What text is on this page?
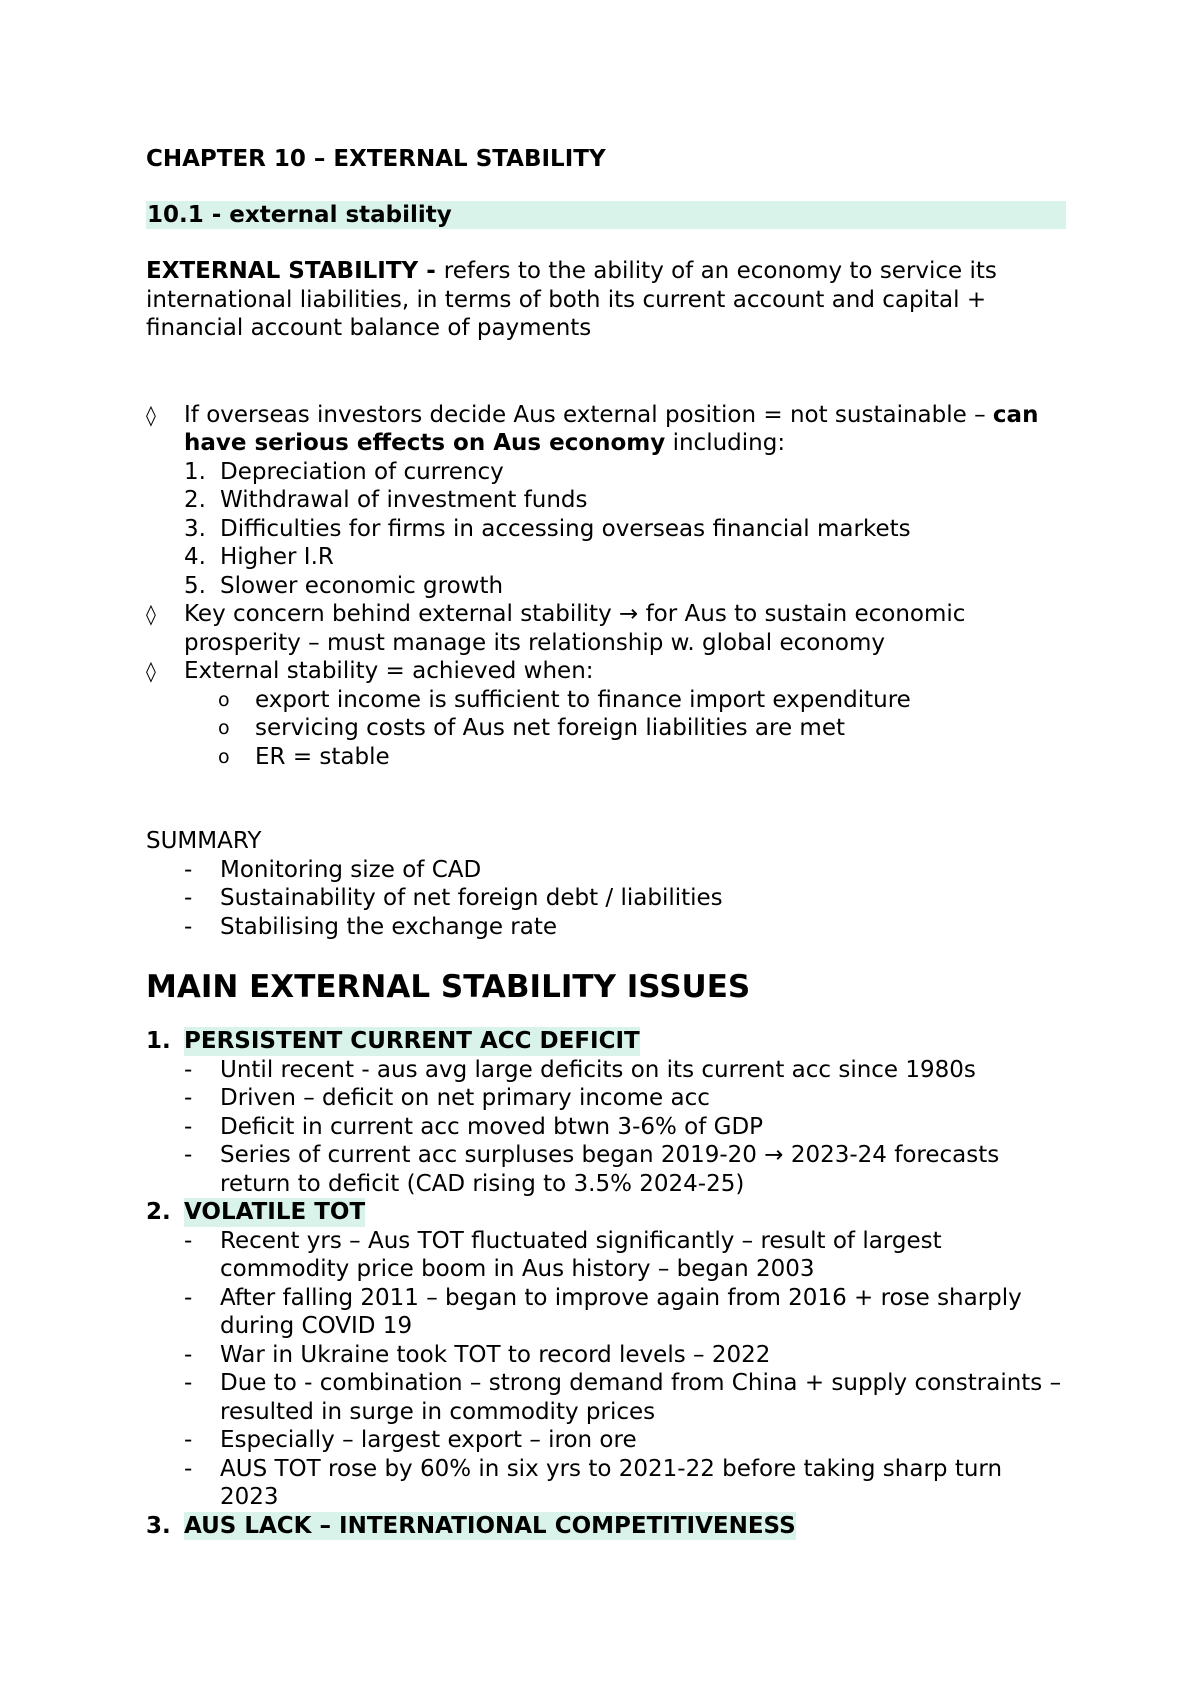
CHAPTER 10 – EXTERNAL STABILITY
10.1 - external stability
EXTERNAL STABILITY - refers to the ability of an economy to service its international liabilities, in terms of both its current account and capital + financial account balance of payments
◊	If overseas investors decide Aus external position = not sustainable – can have serious effects on Aus economy including:
1. Depreciation of currency
2. Withdrawal of investment funds
3. Difficulties for firms in accessing overseas financial markets
4. Higher I.R
5. Slower economic growth
◊	Key concern behind external stability → for Aus to sustain economic prosperity – must manage its relationship w. global economy
◊	External stability = achieved when:
o	export income is sufficient to finance import expenditure
o	servicing costs of Aus net foreign liabilities are met
o	ER = stable
SUMMARY
-	Monitoring size of CAD
-	Sustainability of net foreign debt / liabilities
-	Stabilising the exchange rate
MAIN EXTERNAL STABILITY ISSUES
1. PERSISTENT CURRENT ACC DEFICIT
-	Until recent - aus avg large deficits on its current acc since 1980s
-	Driven – deficit on net primary income acc
-	Deficit in current acc moved btwn 3-6% of GDP
-	Series of current acc surpluses began 2019-20 → 2023-24 forecasts return to deficit (CAD rising to 3.5% 2024-25)
2. VOLATILE TOT
-	Recent yrs – Aus TOT fluctuated significantly – result of largest commodity price boom in Aus history – began 2003
-	After falling 2011 – began to improve again from 2016 + rose sharply during COVID 19
-	War in Ukraine took TOT to record levels – 2022
-	Due to - combination – strong demand from China + supply constraints – resulted in surge in commodity prices
-	Especially – largest export – iron ore
-	AUS TOT rose by 60% in six yrs to 2021-22 before taking sharp turn 2023
3. AUS LACK – INTERNATIONAL COMPETITIVENESS
